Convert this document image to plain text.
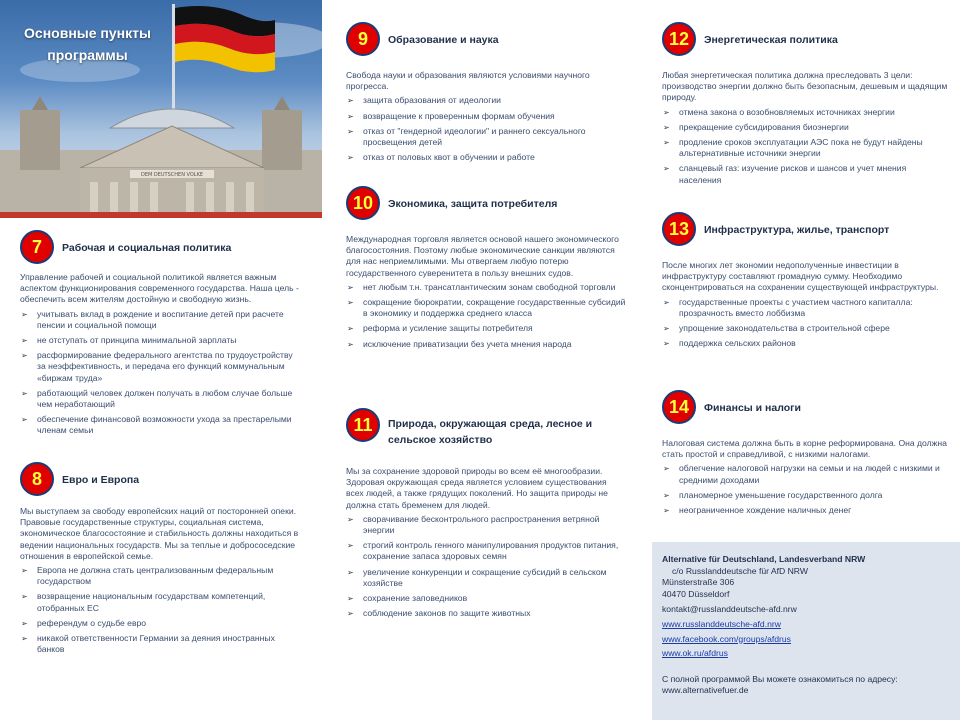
DEM DEUTSCHEN VOLKE
Основные пункты
программы
7	Рабочая и социальная политика

Управление рабочей и социальной политикой является важным аспектом функционирования современного государства. Наша цель - обеспечить всем жителям достойную и свободную жизнь.

➢ учитывать вклад в рождение и воспитание детей при расчете пенсии и социальной помощи
➢ не отступать от принципа минимальной зарплаты
➢ расформирование федерального агентства по трудоустройству за неэффективность, и передача его функций коммунальным «биржам труда»
➢ работающий человек должен получать в любом случае больше чем неработающий
➢ обеспечение финансовой возможности ухода за престарелыми членам семьи
8	Евро и Европа

Мы выступаем за свободу европейских наций от посторонней опеки. Правовые государственные структуры, социальная система, экономическое благосостояние и стабильность должны находиться в ведении национальных государств. Мы за теплые и добрососедские отношения в европейской семье.

➢ Европа не должна стать централизованным федеральным государством
➢ возвращение национальным государствам компетенций, отобранных ЕС
➢ референдум о судьбе евро
➢ никакой ответственности Германии за деяния иностранных банков
9	Образование и наука

Свобода науки и образования являются условиями научного прогресса.

➢ защита образования от идеологии
➢ возвращение к проверенным формам обучения
➢ отказ от "гендерной идеологии" и раннего сексуального просвещения детей
➢ отказ от половых квот в обучении и работе
10	Экономика, защита потребителя

Международная торговля является основой нашего экономического благосостояния. Поэтому любые экономические санкции являются для нас неприемлимыми. Мы отвергаем любую потерю государственного суверенитета в пользу внешних судов.

➢ нет любым т.н. трансатлантическим зонам свободной торговли
➢ сокращение бюрократии, сокращение государственные субсидий в экономику и поддержка среднего класса
➢ реформа и усиление защиты потребителя
➢ исключение приватизации без учета мнения народа
11	Природа, окружающая среда, лесное и сельское хозяйство

Мы за сохранение здоровой природы во всем её многообразии. Здоровая окружающая среда является условием существования всех людей, а также грядущих поколений. Но защита природы не должна стать бременем для людей.

➢ сворачивание бесконтрольного распространения ветряной энергии
➢ строгий контроль генного манипулирования продуктов питания, сохранение запаса здоровых семян
➢ увеличение конкуренции и сокращение субсидий в сельском хозяйстве
➢ сохранение заповедников
➢ соблюдение законов по защите животных
12	Энергетическая политика

Любая энергетическая политика должна преследовать 3 цели: производство энергии должно быть безопасным, дешевым и щадящим природу.

➢ отмена закона о возобновляемых источниках энергии
➢ прекращение субсидирования биоэнергии
➢ продление сроков эксплуатации АЭС пока не будут найдены альтернативные источники энергии
➢ сланцевый газ: изучение рисков и шансов и учет мнения населения
13	Инфраструктура, жилье, транспорт

После многих лет экономии недополученные инвестиции в инфраструктуру составляют громадную сумму. Необходимо сконцентрироваться на сохранении существующей инфраструктуры.

➢ государственные проекты с участием частного капиталла: прозрачность вместо лоббизма
➢ упрощение законодательства в строительной сфере
➢ поддержка сельских районов
14	Финансы и налоги

Налоговая система должна быть в корне реформирована. Она должна стать простой и справедливой, с низкими налогами.

➢ облегчение налоговой нагрузки на семьи и на людей с низкими и средними доходами
➢ планомерное уменьшение государственного долга
➢ неограниченное хождение наличных денег
Alternative für Deutschland, Landesverband NRW
c/o Russlanddeutsche für AfD NRW
Münsterstraße 306
40470 Düsseldorf
kontakt@russlanddeutsche-afd.nrw
www.russlanddeutsche-afd.nrw
www.facebook.com/groups/afdrus
www.ok.ru/afdrus
С полной программой Вы можете ознакомиться по адресу:
www.alternativefuer.de
